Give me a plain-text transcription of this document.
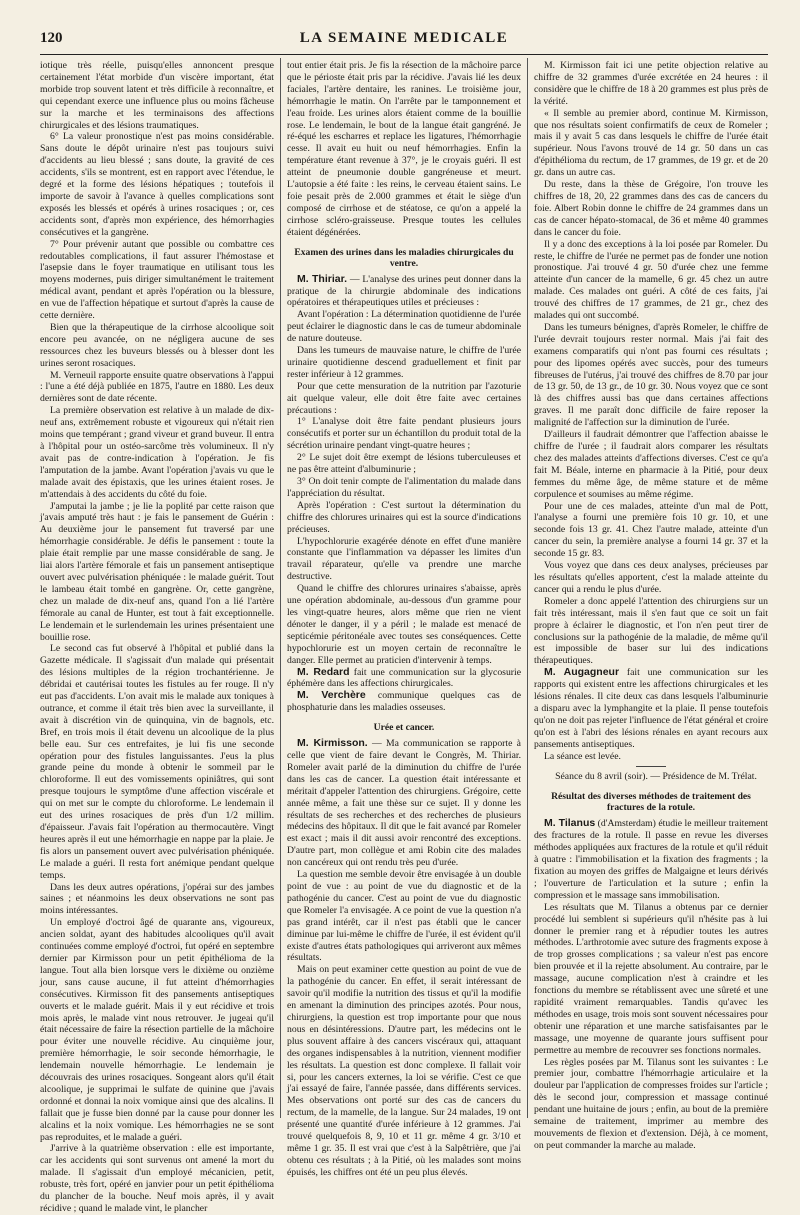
120	LA SEMAINE MEDICALE

iotique très réelle, puisqu'elles annoncent presque certainement l'état morbide d'un viscère important, état morbide trop souvent latent et très difficile à reconnaître, et qui cependant exerce une influence plus ou moins fâcheuse sur la marche et les terminaisons des affections chirurgicales et des lésions traumatiques.

6° La valeur pronostique n'est pas moins considérable. Sans doute le dépôt urinaire n'est pas toujours suivi d'accidents au lieu blessé ; sans doute, la gravité de ces accidents, s'ils se montrent, est en rapport avec l'étendue, le degré et la forme des lésions hépatiques ; toutefois il importe de savoir à l'avance à quelles complications sont exposés les blessés et opérés à urines rosaciques ; or, ces accidents sont, d'après mon expérience, des hémorrhagies consécutives et la gangrène.

7° Pour prévenir autant que possible ou combattre ces redoutables complications, il faut assurer l'hémostase et l'asepsie dans le foyer traumatique en utilisant tous les moyens modernes, puis diriger simultanément le traitement médical avant, pendant et après l'opération ou la blessure, en vue de l'affection hépatique et surtout d'après la cause de cette dernière.

Bien que la thérapeutique de la cirrhose alcoolique soit encore peu avancée, on ne négligera aucune de ses ressources chez les buveurs blessés ou à blesser dont les urines seront rosaciques.

M. Verneuil rapporte ensuite quatre observations à l'appui : l'une a été déjà publiée en 1875, l'autre en 1880. Les deux dernières sont de date récente.

La première observation est relative à un malade de dix-neuf ans, extrêmement robuste et vigoureux qui n'était rien moins que tempérant ; grand viveur et grand buveur. Il entra à l'hôpital pour un ostéo-sarcôme très volumineux. Il n'y avait pas de contre-indication à l'opération. Je fis l'amputation de la jambe. Avant l'opération j'avais vu que le malade avait des épistaxis, que les urines étaient roses. Je m'attendais à des accidents du côté du foie.

J'amputai la jambe ; je lie la poplité par cette raison que j'avais amputé très haut : je fais le pansement de Guérin : Au deuxième jour le pansement fut traversé par une hémorrhagie considérable. Je défis le pansement : toute la plaie était remplie par une masse considérable de sang. Je liai alors l'artère fémorale et fais un pansement antiseptique ouvert avec pulvérisation phéniquée : le malade guérit. Tout le lambeau était tombé en gangrène. Or, cette gangrène, chez un malade de dix-neuf ans, quand l'on a lié l'artère fémorale au canal de Hunter, est tout à fait exceptionnelle. Le lendemain et le surlendemain les urines présentaient une bouillie rose.

Le second cas fut observé à l'hôpital et publié dans la Gazette médicale. Il s'agissait d'un malade qui présentait des lésions multiples de la région trochantérienne. Je débridai et cautérisai toutes les fistules au fer rouge. Il n'y eut pas d'accidents. L'on avait mis le malade aux toniques à outrance, et comme il était très bien avec la surveillante, il avait à discrétion vin de quinquina, vin de bagnols, etc. Bref, en trois mois il était devenu un alcoolique de la plus belle eau. Sur ces entrefaites, je lui fis une seconde opération pour des fistules languissantes. J'eus la plus grande peine du monde à obtenir le sommeil par le chloroforme. Il eut des vomissements opiniâtres, qui sont presque toujours le symptôme d'une affection viscérale et qui on met sur le compte du chloroforme. Le lendemain il eut des urines rosaciques de près d'un 1/2 millim. d'épaisseur. J'avais fait l'opération au thermocautère. Vingt heures après il eut une hémorrhagie en nappe par la plaie. Je fis alors un pansement ouvert avec pulvérisation phéniquée. Le malade a guéri. Il resta fort anémique pendant quelque temps.

Dans les deux autres opérations, j'opérai sur des jambes saines ; et néanmoins les deux observations ne sont pas moins intéressantes.

Un employé d'octroi âgé de quarante ans, vigoureux, ancien soldat, ayant des habitudes alcooliques qu'il avait continuées comme employé d'octroi, fut opéré en septembre dernier par Kirmisson pour un petit épithélioma de la langue. Tout alla bien lorsque vers le dixième ou onzième jour, sans cause aucune, il fut atteint d'hémorrhagies consécutives. Kirmisson fit des pansements antiseptiques ouverts et le malade guérit. Mais il y eut récidive et trois mois après, le malade vint nous retrouver. Je jugeai qu'il était nécessaire de faire la résection partielle de la mâchoire pour éviter une nouvelle récidive. Au cinquième jour, première hémorrhagie, le soir seconde hémorrhagie, le lendemain nouvelle hémorrhagie. Le lendemain je découvrais des urines rosaciques. Songeant alors qu'il était alcoolique, je supprimai le sulfate de quinine que j'avais ordonné et donnai la noix vomique ainsi que des alcalins. Il fallait que je fusse bien donné par la cause pour donner les alcalins et la noix vomique. Les hémorrhagies ne se sont pas reproduites, et le malade a guéri.

J'arrive à la quatrième observation : elle est importante, car les accidents qui sont survenus ont amené la mort du malade. Il s'agissait d'un employé mécanicien, petit, robuste, très fort, opéré en janvier pour un petit épithélioma du plancher de la bouche. Neuf mois après, il y avait récidive ; quand le malade vint, le plancher

tout entier était pris. Je fis la résection de la mâchoire parce que le périoste était pris par la récidive. J'avais lié les deux faciales, l'artère dentaire, les ranines. Le troisième jour, hémorrhagie le matin. On l'arrête par le tamponnement et l'eau froide. Les urines alors étaient comme de la bouillie rose. Le lendemain, le bout de la langue était gangréné. Je ré-équé les escharres et replace les ligatures, l'hémorrhagie cesse. Il avait eu huit ou neuf hémorrhagies. Enfin la température étant revenue à 37°, je le croyais guéri. Il est atteint de pneumonie double gangréneuse et meurt. L'autopsie a été faite : les reins, le cerveau étaient sains. Le foie pesait près de 2.000 grammes et était le siège d'un composé de cirrhose et de stéatose, ce qu'on a appelé la cirrhose scléro-graisseuse. Presque toutes les cellules étaient dégénérées.

Examen des urines dans les maladies chirurgicales du ventre.

M. Thiriar. — L'analyse des urines peut donner dans la pratique de la chirurgie abdominale des indications opératoires et thérapeutiques utiles et précieuses :

Avant l'opération : La détermination quotidienne de l'urée peut éclairer le diagnostic dans le cas de tumeur abdominale de nature douteuse.

Dans les tumeurs de mauvaise nature, le chiffre de l'urée urinaire quotidienne descend graduellement et finit par rester inférieur à 12 grammes.

Pour que cette mensuration de la nutrition par l'azoturie ait quelque valeur, elle doit être faite avec certaines précautions :

1° L'analyse doit être faite pendant plusieurs jours consécutifs et porter sur un échantillon du produit total de la sécrétion urinaire pendant vingt-quatre heures ;

2° Le sujet doit être exempt de lésions tuberculeuses et ne pas être atteint d'albuminurie ;

3° On doit tenir compte de l'alimentation du malade dans l'appréciation du résultat.

Après l'opération : C'est surtout la détermination du chiffre des chlorures urinaires qui est la source d'indications précieuses.

L'hypochlorurie exagérée dénote en effet d'une manière constante que l'inflammation va dépasser les limites d'un travail réparateur, qu'elle va prendre une marche destructive.

Quand le chiffre des chlorures urinaires s'abaisse, après une opération abdominale, au-dessous d'un gramme pour les vingt-quatre heures, alors même que rien ne vient dénoter le danger, il y a péril ; le malade est menacé de septicémie péritonéale avec toutes ses conséquences. Cette hypochlorurie est un moyen certain de reconnaître le danger. Elle permet au praticien d'intervenir à temps.

M. Redard fait une communication sur la glycosurie éphémère dans les affections chirurgicales.

M. Verchère communique quelques cas de phosphaturie dans les maladies osseuses.

Urée et cancer.

M. Kirmisson. — Ma communication se rapporte à celle que vient de faire devant le Congrès, M. Thiriar. Romeler avait parlé de la diminution du chiffre de l'urée dans les cas de cancer. La question était intéressante et méritait d'appeler l'attention des chirurgiens. Grégoire, cette année même, a fait une thèse sur ce sujet. Il y donne les résultats de ses recherches et des recherches de plusieurs médecins des hôpitaux. Il dit que le fait avancé par Romeler est exact ; mais il dit aussi avoir rencontré des exceptions. D'autre part, mon collègue et ami Robin cite des malades non cancéreux qui ont rendu très peu d'urée.

La question me semble devoir être envisagée à un double point de vue : au point de vue du diagnostic et de la pathogénie du cancer. C'est au point de vue du diagnostic que Romeler l'a envisagée. A ce point de vue la question n'a pas grand intérêt, car il n'est pas établi que le cancer diminue par lui-même le chiffre de l'urée, il est évident qu'il existe d'autres états pathologiques qui arriveront aux mêmes résultats.

Mais on peut examiner cette question au point de vue de la pathogénie du cancer. En effet, il serait intéressant de savoir qu'il modifie la nutrition des tissus et qu'il la modifie en amenant la diminution des principes azotés. Pour nous, chirurgiens, la question est trop importante pour que nous nous en désintéressions. D'autre part, les médecins ont le plus souvent affaire à des cancers viscéraux qui, attaquant des organes indispensables à la nutrition, viennent modifier les résultats. La question est donc complexe. Il fallait voir si, pour les cancers externes, la loi se vérifie. C'est ce que j'ai essayé de faire, l'année passée, dans différents services. Mes observations ont porté sur des cas de cancers du rectum, de la mamelle, de la langue. Sur 24 malades, 19 ont présenté une quantité d'urée inférieure à 12 grammes. J'ai trouvé quelquefois 8, 9, 10 et 11 gr. même 4 gr. 3/10 et même 1 gr. 35. Il est vrai que c'est à la Salpêtrière, que j'ai obtenu ces résultats ; à la Pitié, où les malades sont moins épuisés, les chiffres ont été un peu plus élevés.

M. Kirmisson fait ici une petite objection relative au chiffre de 32 grammes d'urée excrétée en 24 heures : il considère que le chiffre de 18 à 20 grammes est plus près de la vérité.

« Il semble au premier abord, continue M. Kirmisson, que nos résultats soient confirmatifs de ceux de Romeler ; mais il y avait 5 cas dans lesquels le chiffre de l'urée était supérieur. Nous l'avons trouvé de 14 gr. 50 dans un cas d'épithélioma du rectum, de 17 grammes, de 19 gr. et de 20 gr. dans un autre cas.

Du reste, dans la thèse de Grégoire, l'on trouve les chiffres de 18, 20, 22 grammes dans des cas de cancers du foie. Albert Robin donne le chiffre de 24 grammes dans un cas de cancer hépato-stomacal, de 36 et même 40 grammes dans le cancer du foie.

Il y a donc des exceptions à la loi posée par Romeler. Du reste, le chiffre de l'urée ne permet pas de fonder une notion pronostique. J'ai trouvé 4 gr. 50 d'urée chez une femme atteinte d'un cancer de la mamelle, 6 gr. 45 chez un autre malade. Ces malades ont guéri. A côté de ces faits, j'ai trouvé des chiffres de 17 grammes, de 21 gr., chez des malades qui ont succombé.

Dans les tumeurs bénignes, d'après Romeler, le chiffre de l'urée devrait toujours rester normal. Mais j'ai fait des examens comparatifs qui n'ont pas fourni ces résultats ; pour des lipomes opérés avec succès, pour des tumeurs fibreuses de l'utérus, j'ai trouvé des chiffres de 8.70 par jour de 13 gr. 50, de 13 gr., de 10 gr. 30. Nous voyez que ce sont là des chiffres aussi bas que dans certaines affections graves. Il me paraît donc difficile de faire reposer la malignité de l'affection sur la diminution de l'urée.

D'ailleurs il faudrait démontrer que l'affection abaisse le chiffre de l'urée ; il faudrait alors comparer les résultats chez des malades atteints d'affections diverses. C'est ce qu'a fait M. Béale, interne en pharmacie à la Pitié, pour deux femmes du même âge, de même stature et de même corpulence et soumises au même régime.

Pour une de ces malades, atteinte d'un mal de Pott, l'analyse a fourni une première fois 10 gr. 10, et une seconde fois 13 gr. 41. Chez l'autre malade, atteinte d'un cancer du sein, la première analyse a fourni 14 gr. 37 et la seconde 15 gr. 83.

Vous voyez que dans ces deux analyses, précieuses par les résultats qu'elles apportent, c'est la malade atteinte du cancer qui a rendu le plus d'urée.

Romeler a donc appelé l'attention des chirurgiens sur un fait très intéressant, mais il s'en faut que ce soit un fait propre à éclairer le diagnostic, et l'on n'en peut tirer de conclusions sur la pathogénie de la maladie, de même qu'il est impossible de baser sur lui des indications thérapeutiques.

M. Augagneur fait une communication sur les rapports qui existent entre les affections chirurgicales et les lésions rénales. Il cite deux cas dans lesquels l'albuminurie a disparu avec la lymphangite et la plaie. Il pense toutefois qu'on ne doit pas rejeter l'influence de l'état général et croire qu'on est à l'abri des lésions rénales en ayant recours aux pansements antiseptiques.

La séance est levée.

Séance du 8 avril (soir). — Présidence de M. Trélat.

Résultat des diverses méthodes de traitement des fractures de la rotule.

M. Tilanus (d'Amsterdam) étudie le meilleur traitement des fractures de la rotule. Il passe en revue les diverses méthodes appliquées aux fractures de la rotule et qu'il réduit à quatre : l'immobilisation et la fixation des fragments ; la fixation au moyen des griffes de Malgaigne et leurs dérivés ; l'ouverture de l'articulation et la suture ; enfin la compression et le massage sans immobilisation.

Les résultats que M. Tilanus a obtenus par ce dernier procédé lui semblent si supérieurs qu'il n'hésite pas à lui donner le premier rang et à répudier toutes les autres méthodes. L'arthrotomie avec suture des fragments expose à de trop grosses complications ; sa valeur n'est pas encore bien prouvée et il la rejette absolument. Au contraire, par le massage, aucune complication n'est à craindre et les fonctions du membre se rétablissent avec une sûreté et une rapidité vraiment remarquables. Tandis qu'avec les méthodes en usage, trois mois sont souvent nécessaires pour obtenir une réparation et une marche satisfaisantes par le massage, une moyenne de quarante jours suffisent pour permettre au membre de recouvrer ses fonctions normales.

Les règles posées par M. Tilanus sont les suivantes : Le premier jour, combattre l'hémorrhagie articulaire et la douleur par l'application de compresses froides sur l'article ; dès le second jour, compression et massage continué pendant une huitaine de jours ; enfin, au bout de la première semaine de traitement, imprimer au membre des mouvements de flexion et d'extension. Déjà, à ce moment, on peut commander la marche au malade.
